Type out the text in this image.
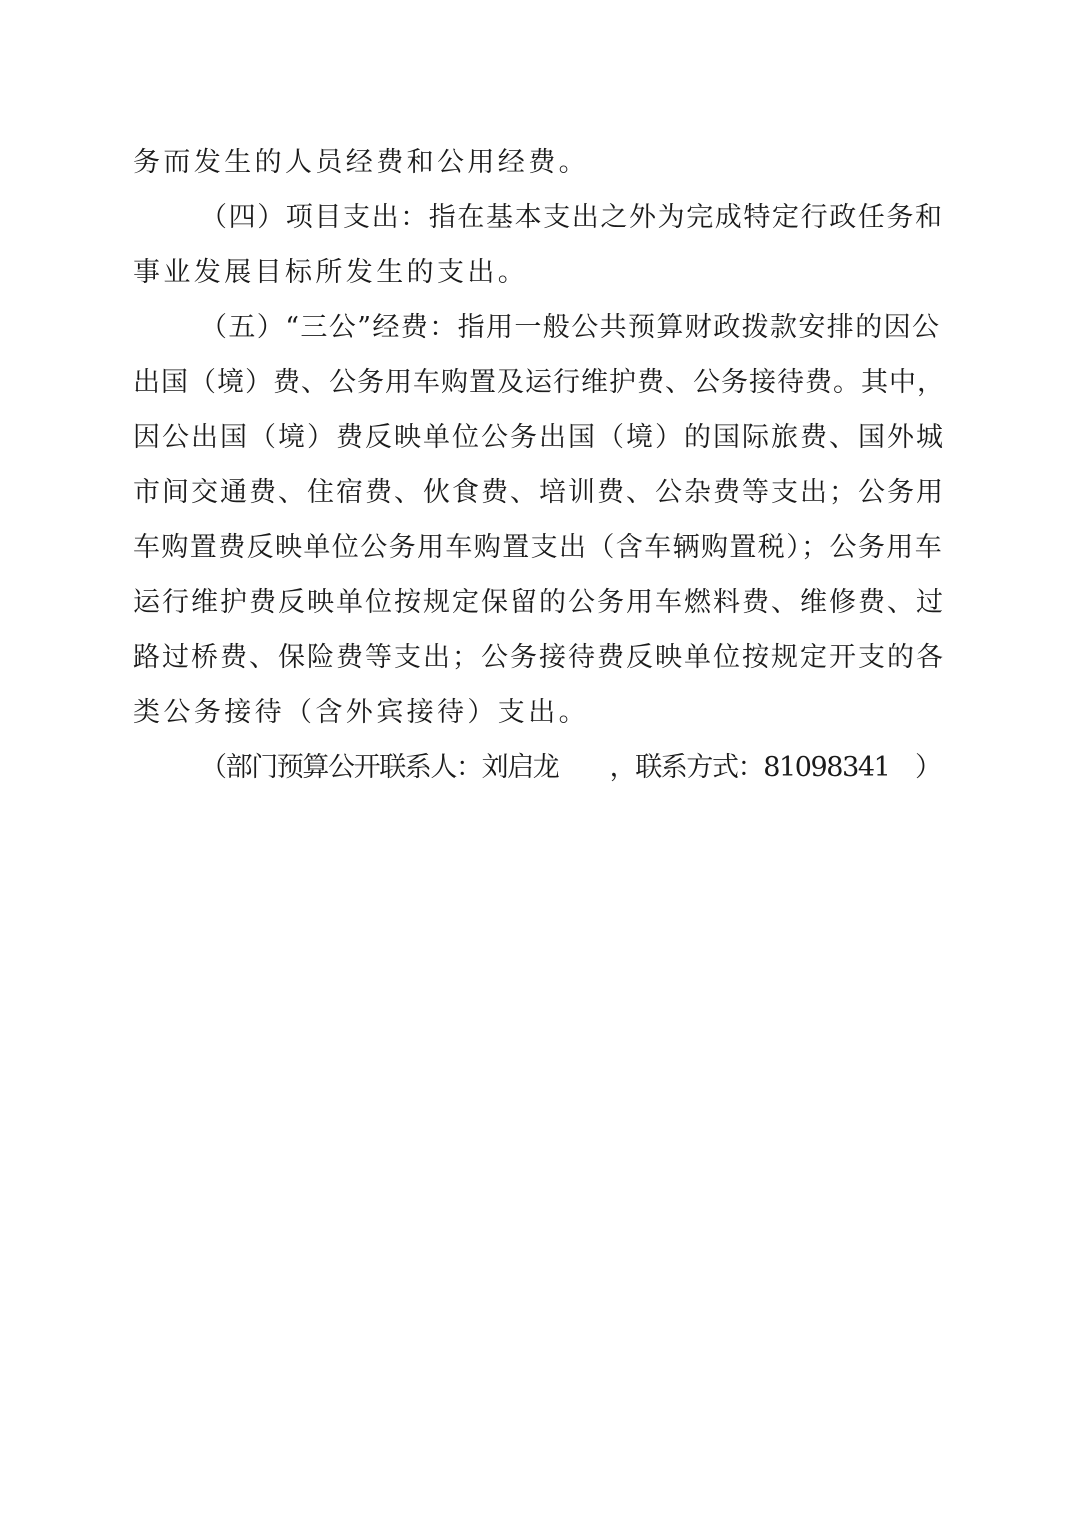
务而发生的人员经费和公用经费。
（四）项目支出：指在基本支出之外为完成特定行政任务和
事业发展目标所发生的支出。
（五）“三公”经费：指用一般公共预算财政拨款安排的因公
出国（境）费、公务用车购置及运行维护费、公务接待费。其中，
因公出国（境）费反映单位公务出国（境）的国际旅费、国外城
市间交通费、住宿费、伙食费、培训费、公杂费等支出；公务用
车购置费反映单位公务用车购置支出（含车辆购置税）；公务用车
运行维护费反映单位按规定保留的公务用车燃料费、维修费、过
路过桥费、保险费等支出；公务接待费反映单位按规定开支的各
类公务接待（含外宾接待）支出。
（部门预算公开联系人：刘启龙　　，联系方式：81098341　）
